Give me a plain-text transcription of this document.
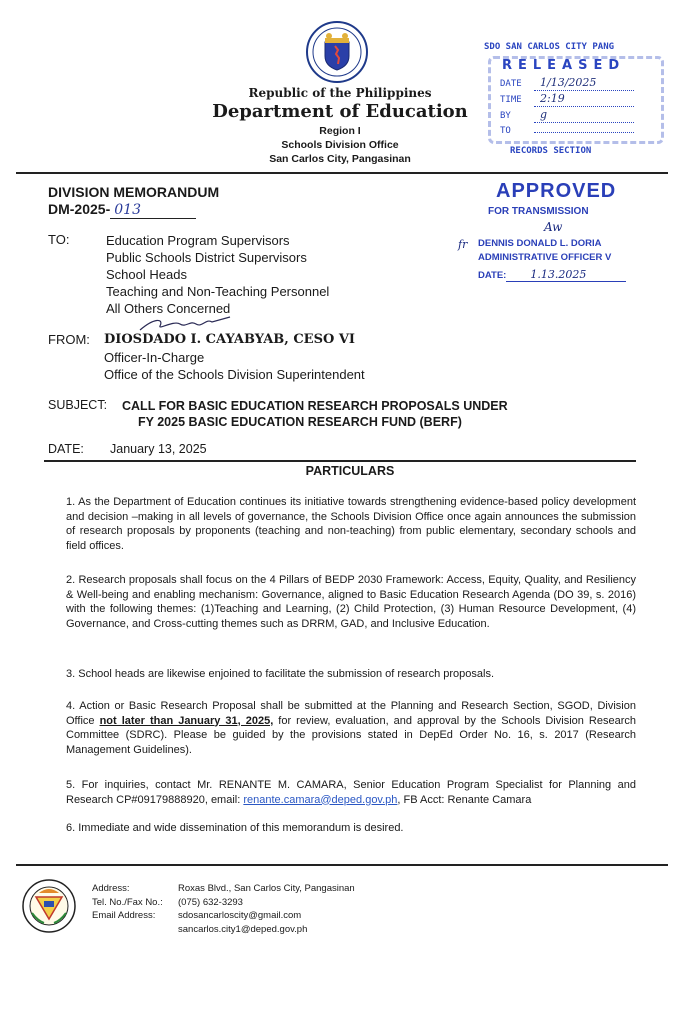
Republic of the Philippines
Department of Education
Region I
Schools Division Office
San Carlos City, Pangasinan
SDO SAN CARLOS CITY PANG
RELEASED
DATE 1/13/2025
TIME 2:19
BY	g
TO
RECORDS SECTION
DIVISION MEMORANDUM
DM-2025- 013
TO:	Education Program Supervisors
Public Schools District Supervisors
School Heads
Teaching and Non-Teaching Personnel
All Others Concerned
FROM: DIOSDADO I. CAYABYAB, CESO VI
Officer-In-Charge
Office of the Schools Division Superintendent
APPROVED
FOR TRANSMISSION
Aw
fr DENNIS DONALD L. DORIA
ADMINISTRATIVE OFFICER V
DATE: 1.13.2025
SUBJECT: CALL FOR BASIC EDUCATION RESEARCH PROPOSALS UNDER
FY 2025 BASIC EDUCATION RESEARCH FUND (BERF)
DATE: January 13, 2025
PARTICULARS
1. As the Department of Education continues its initiative towards strengthening evidence-based policy development and decision –making in all levels of governance, the Schools Division Office once again announces the submission of research proposals by proponents (teaching and non-teaching) from public elementary, secondary schools and field offices.
2. Research proposals shall focus on the 4 Pillars of BEDP 2030 Framework: Access, Equity, Quality, and Resiliency & Well-being and enabling mechanism: Governance, aligned to Basic Education Research Agenda (DO 39, s. 2016) with the following themes: (1)Teaching and Learning, (2) Child Protection, (3) Human Resource Development, (4) Governance, and Cross-cutting themes such as DRRM, GAD, and Inclusive Education.
3. School heads are likewise enjoined to facilitate the submission of research proposals.
4. Action or Basic Research Proposal shall be submitted at the Planning and Research Section, SGOD, Division Office not later than January 31, 2025, for review, evaluation, and approval by the Schools Division Research Committee (SDRC). Please be guided by the provisions stated in DepEd Order No. 16, s. 2017 (Research Management Guidelines).
5. For inquiries, contact Mr. RENANTE M. CAMARA, Senior Education Program Specialist for Planning and Research CP#09179888920, email: renante.camara@deped.gov.ph, FB Acct: Renante Camara
6. Immediate and wide dissemination of this memorandum is desired.
Address:
Tel. No./Fax No.:
Email Address:
Roxas Blvd., San Carlos City, Pangasinan
(075) 632-3293
sdosancarloscity@gmail.com
sancarlos.city1@deped.gov.ph
